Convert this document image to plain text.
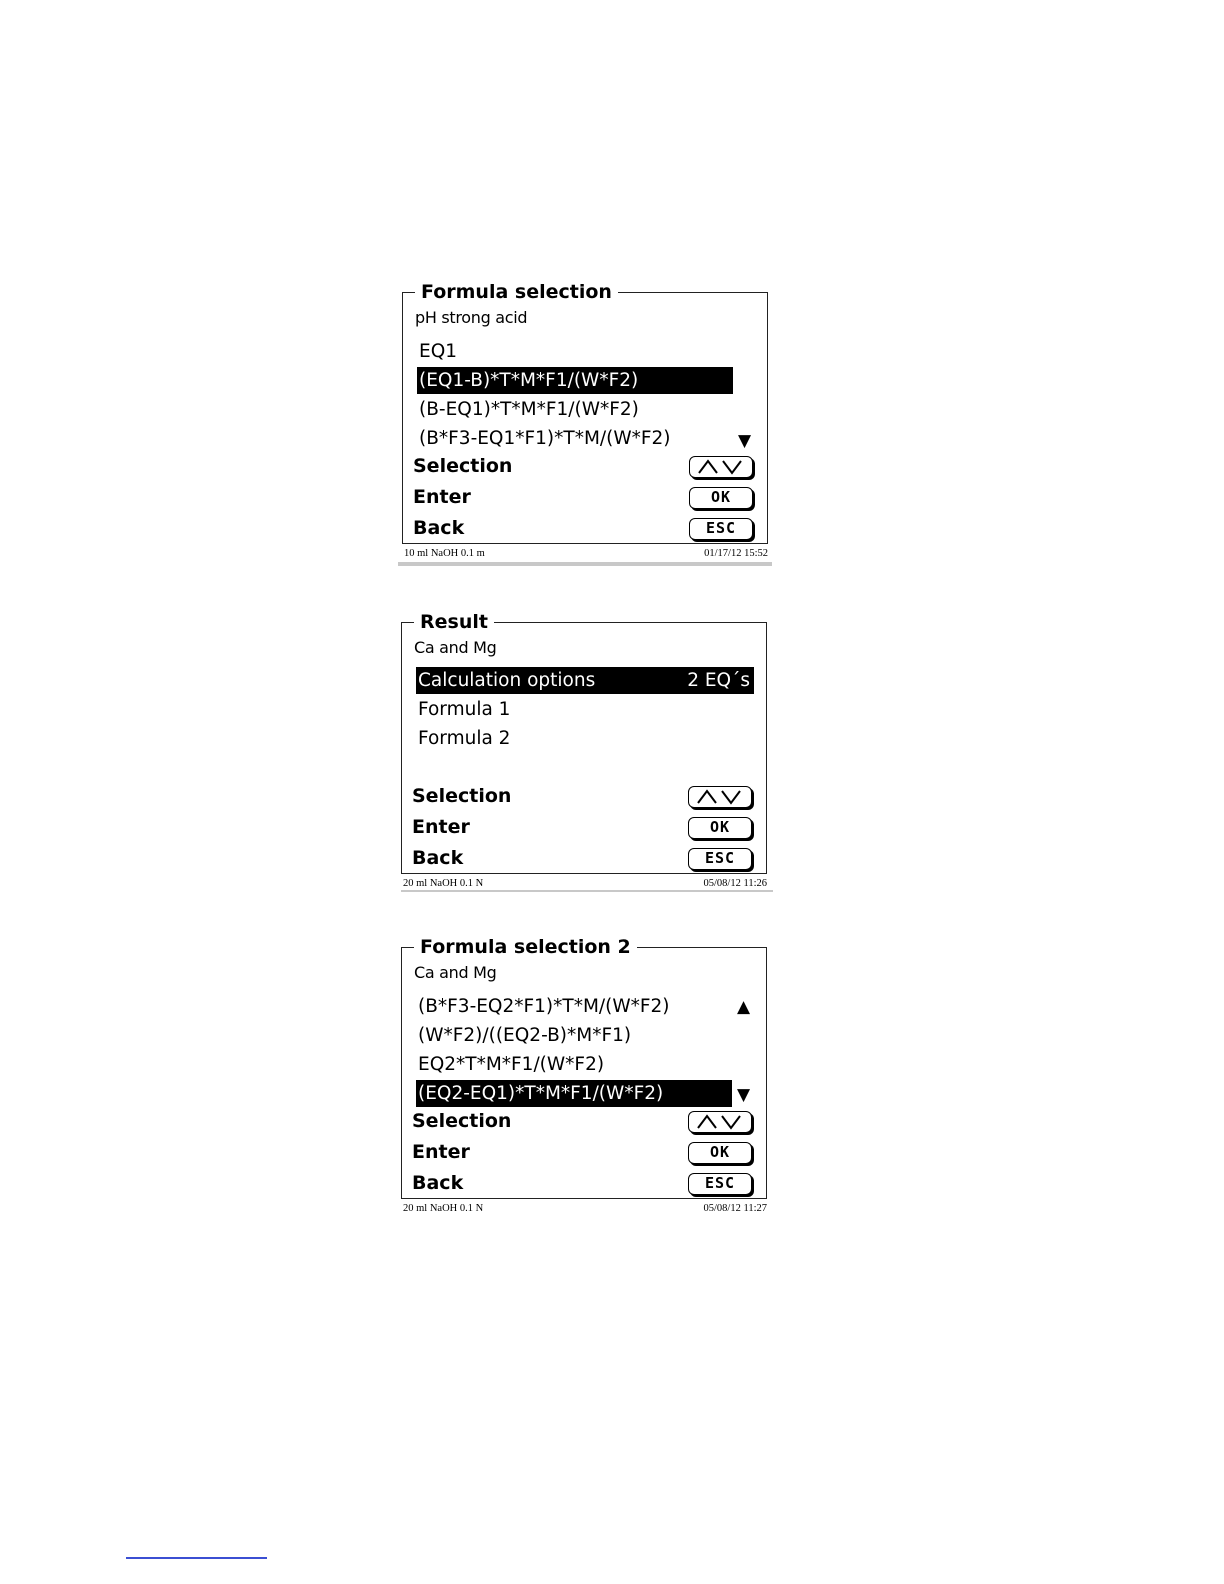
Formula selection
pH strong acid
EQ1
(EQ1-B)*T*M*F1/(W*F2)
(B-EQ1)*T*M*F1/(W*F2)
(B*F3-EQ1*F1)*T*M/(W*F2)	▼
Selection
Enter	OK
Back	ESC
10 ml NaOH 0.1 m	01/17/12 15:52
Result
Ca and Mg
Calculation options	2 EQ´s
Formula 1
Formula 2
Selection
Enter	OK
Back	ESC
20 ml NaOH 0.1 N	05/08/12 11:26
Formula selection 2
Ca and Mg
(B*F3-EQ2*F1)*T*M/(W*F2)	▲
(W*F2)/((EQ2-B)*M*F1)
EQ2*T*M*F1/(W*F2)
(EQ2-EQ1)*T*M*F1/(W*F2)	▼
Selection
Enter	OK
Back	ESC
20 ml NaOH 0.1 N	05/08/12 11:27
